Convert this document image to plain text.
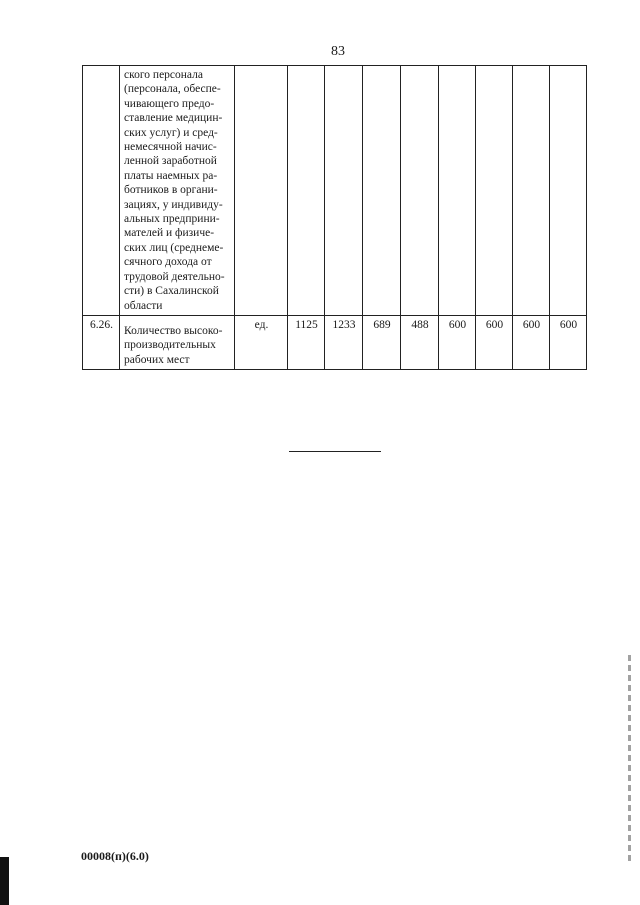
83
	ского персонала (персонала, обеспе-чивающего предо-ставление медицин-ских услуг) и сред-немесячной начис-ленной заработной платы наемных ра-ботников в органи-зациях, у индивиду-альных предприни-мателей и физиче-ских лиц (среднеме-сячного дохода от трудовой деятельно-сти) в Сахалинской области									
6.26.	Количество высоко-производительных рабочих мест	ед.	1125	1233	689	488	600	600	600	600
00008(п)(6.0)
